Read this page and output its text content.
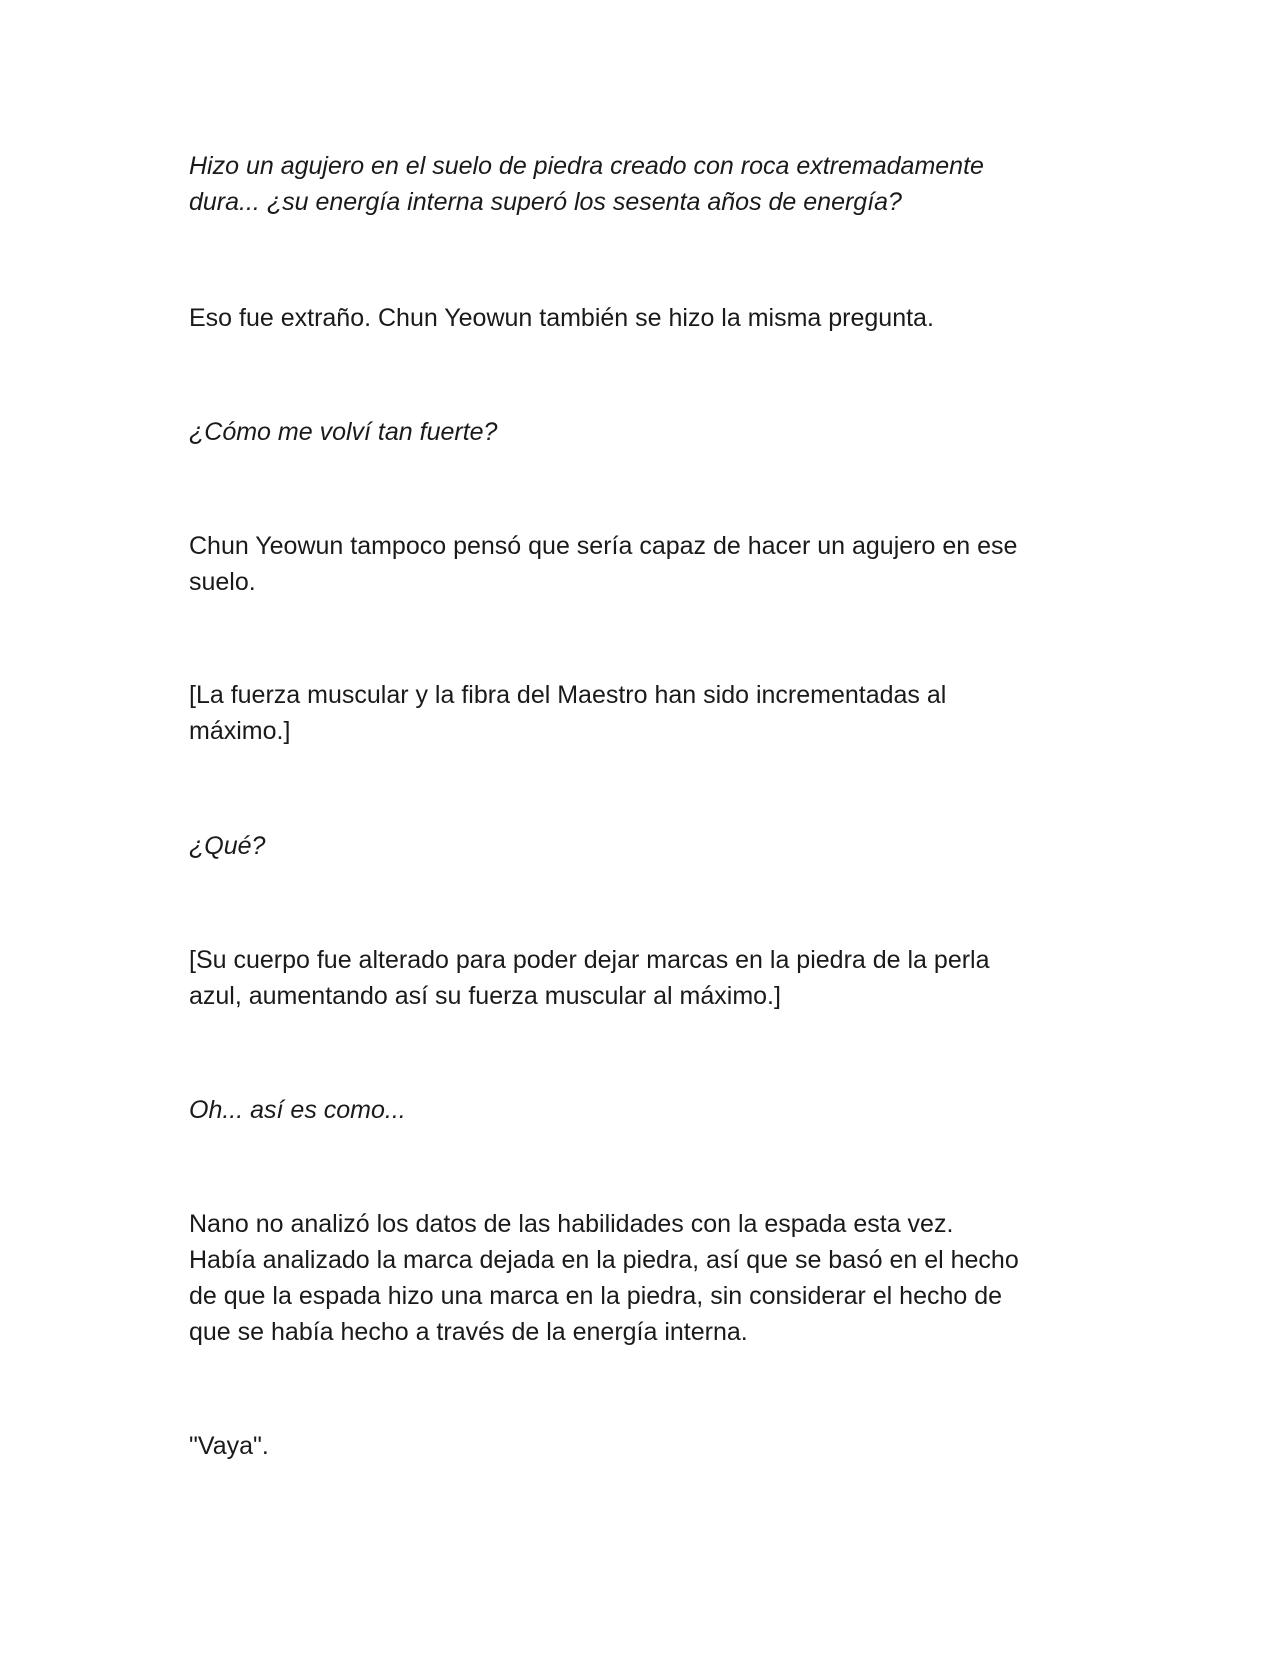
Hizo un agujero en el suelo de piedra creado con roca extremadamente
dura... ¿su energía interna superó los sesenta años de energía?

Eso fue extraño. Chun Yeowun también se hizo la misma pregunta.

¿Cómo me volví tan fuerte?

Chun Yeowun tampoco pensó que sería capaz de hacer un agujero en ese
suelo.

[La fuerza muscular y la fibra del Maestro han sido incrementadas al
máximo.]

¿Qué?

[Su cuerpo fue alterado para poder dejar marcas en la piedra de la perla
azul, aumentando así su fuerza muscular al máximo.]

Oh... así es como...

Nano no analizó los datos de las habilidades con la espada esta vez.
Había analizado la marca dejada en la piedra, así que se basó en el hecho
de que la espada hizo una marca en la piedra, sin considerar el hecho de
que se había hecho a través de la energía interna.

"Vaya".
